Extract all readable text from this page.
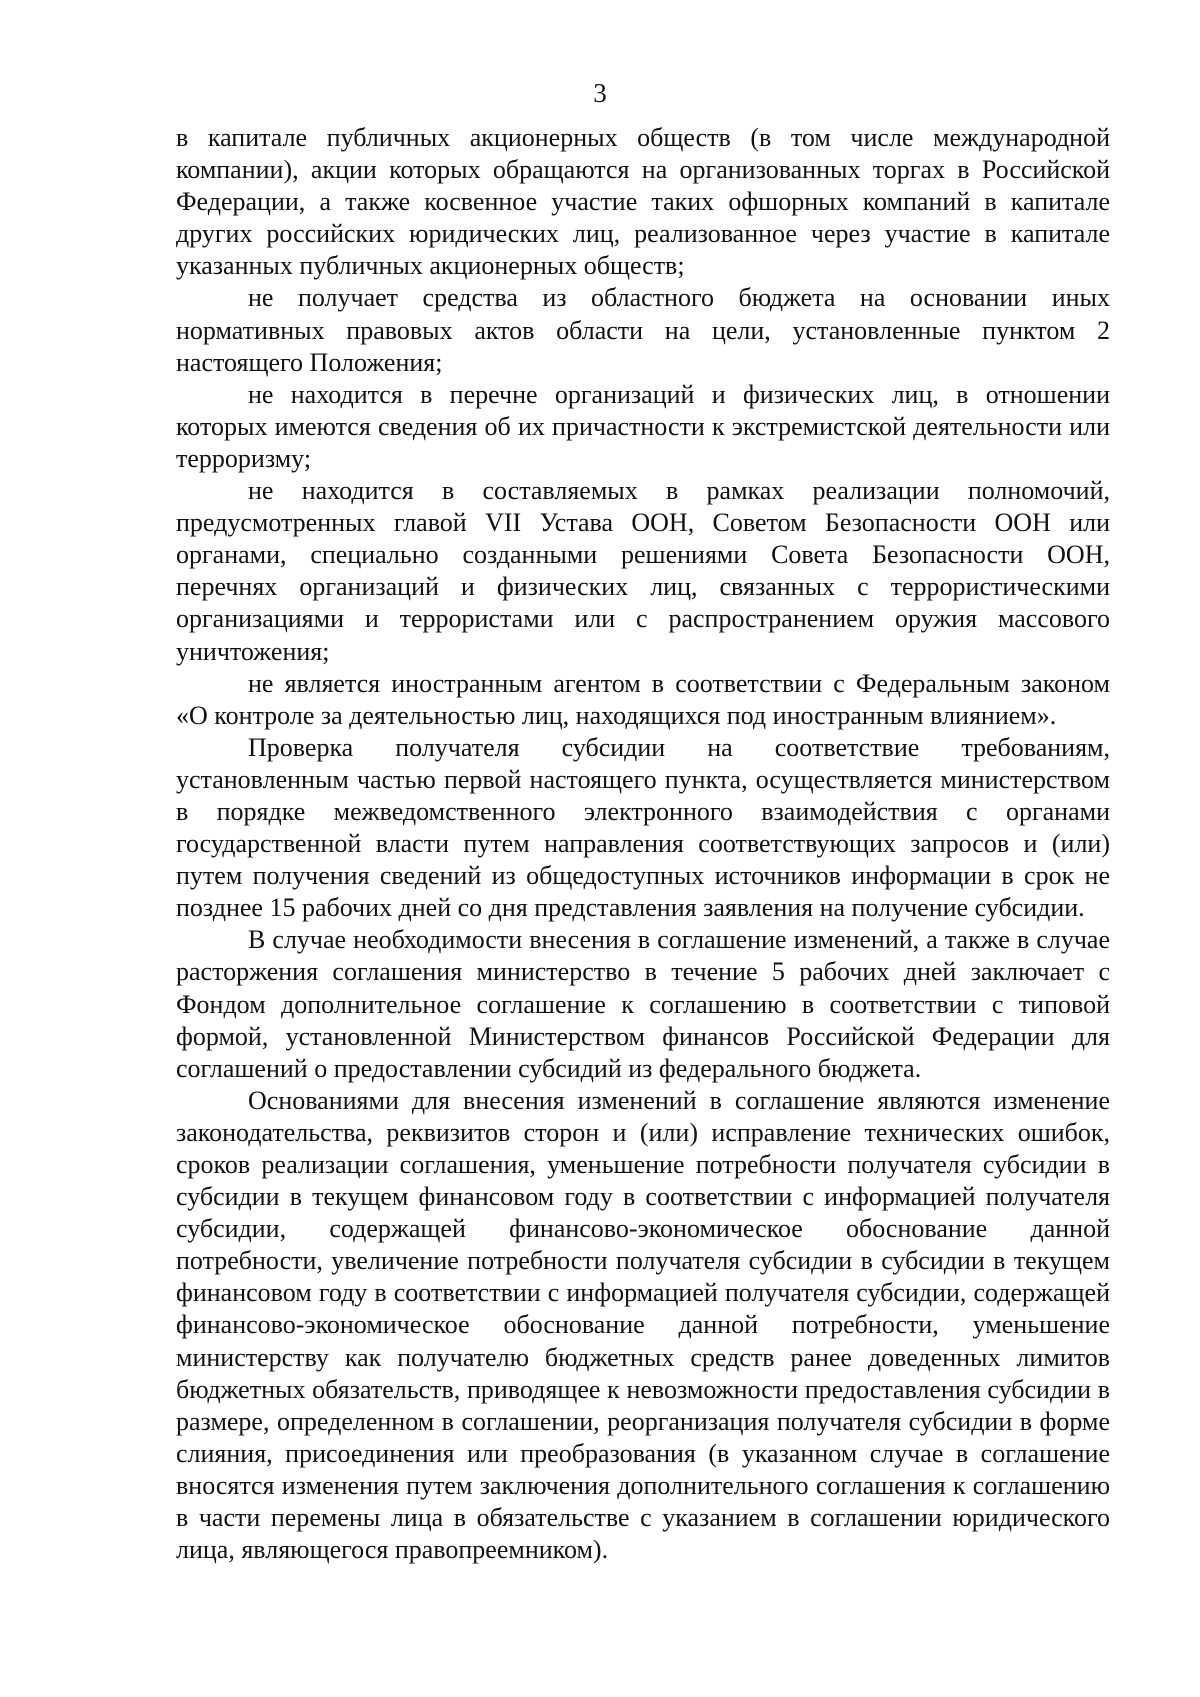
3

в капитале публичных акционерных обществ (в том числе международной компании), акции которых обращаются на организованных торгах в Российской Федерации, а также косвенное участие таких офшорных компаний в капитале других российских юридических лиц, реализованное через участие в капитале указанных публичных акционерных обществ;

не получает средства из областного бюджета на основании иных нормативных правовых актов области на цели, установленные пунктом 2 настоящего Положения;

не находится в перечне организаций и физических лиц, в отношении которых имеются сведения об их причастности к экстремистской деятельности или терроризму;

не находится в составляемых в рамках реализации полномочий, предусмотренных главой VII Устава ООН, Советом Безопасности ООН или органами, специально созданными решениями Совета Безопасности ООН, перечнях организаций и физических лиц, связанных с террористическими организациями и террористами или с распространением оружия массового уничтожения;

не является иностранным агентом в соответствии с Федеральным законом «О контроле за деятельностью лиц, находящихся под иностранным влиянием».

Проверка получателя субсидии на соответствие требованиям, установленным частью первой настоящего пункта, осуществляется министерством в порядке межведомственного электронного взаимодействия с органами государственной власти путем направления соответствующих запросов и (или) путем получения сведений из общедоступных источников информации в срок не позднее 15 рабочих дней со дня представления заявления на получение субсидии.

В случае необходимости внесения в соглашение изменений, а также в случае расторжения соглашения министерство в течение 5 рабочих дней заключает с Фондом дополнительное соглашение к соглашению в соответствии с типовой формой, установленной Министерством финансов Российской Федерации для соглашений о предоставлении субсидий из федерального бюджета.

Основаниями для внесения изменений в соглашение являются изменение законодательства, реквизитов сторон и (или) исправление технических ошибок, сроков реализации соглашения, уменьшение потребности получателя субсидии в субсидии в текущем финансовом году в соответствии с информацией получателя субсидии, содержащей финансово-экономическое обоснование данной потребности, увеличение потребности получателя субсидии в субсидии в текущем финансовом году в соответствии с информацией получателя субсидии, содержащей финансово-экономическое обоснование данной потребности, уменьшение министерству как получателю бюджетных средств ранее доведенных лимитов бюджетных обязательств, приводящее к невозможности предоставления субсидии в размере, определенном в соглашении, реорганизация получателя субсидии в форме слияния, присоединения или преобразования (в указанном случае в соглашение вносятся изменения путем заключения дополнительного соглашения к соглашению в части перемены лица в обязательстве с указанием в соглашении юридического лица, являющегося правопреемником).
